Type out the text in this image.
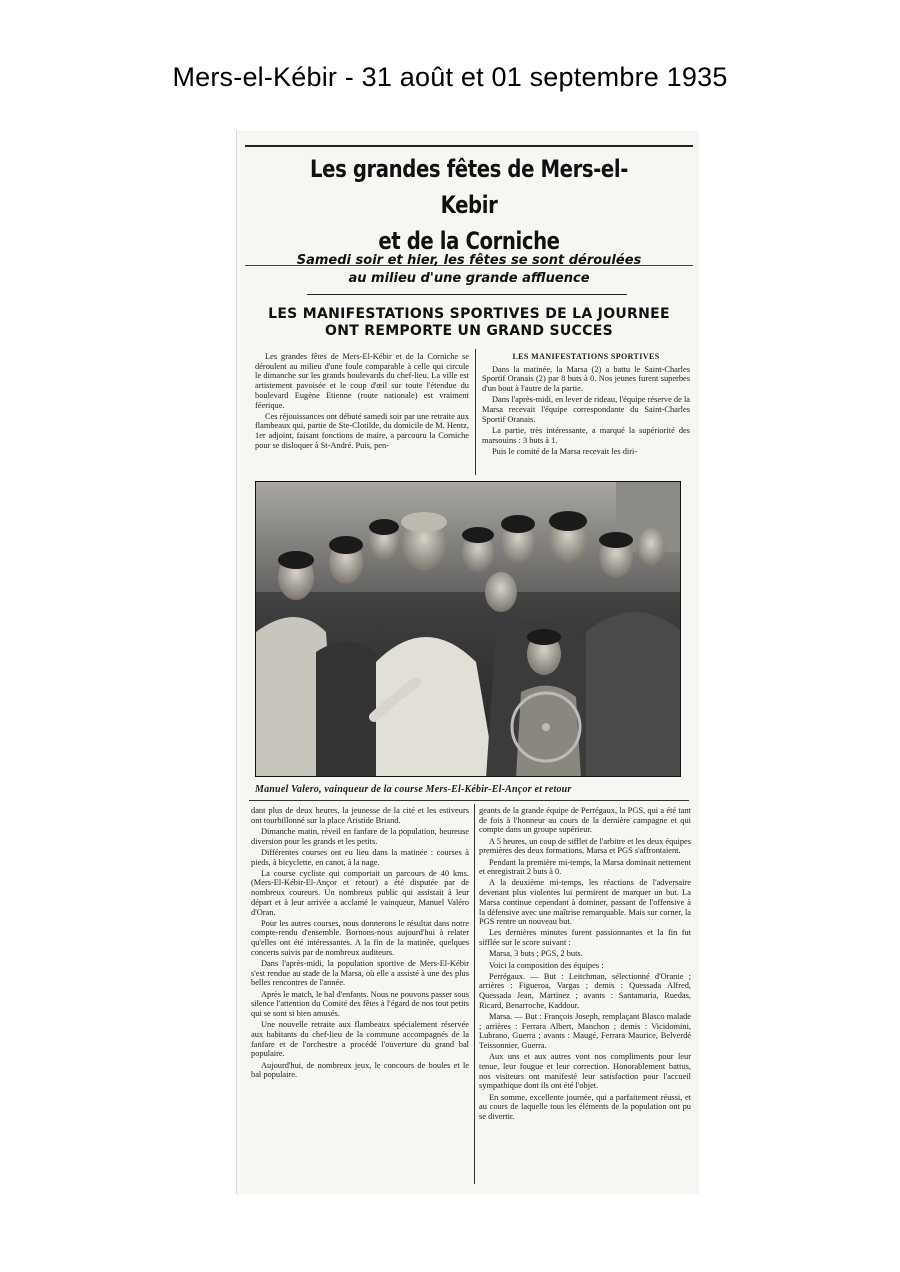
Mers-el-Kébir - 31 août et 01 septembre 1935
Les grandes fêtes de Mers-el-Kebir
et de la Corniche
Samedi soir et hier, les fêtes se sont déroulées
au milieu d'une grande affluence
LES MANIFESTATIONS SPORTIVES DE LA JOURNEE
ONT REMPORTE UN GRAND SUCCES

Les grandes fêtes de Mers-El-Kébir et de la Corniche se déroulent au milieu d'une foule comparable à celle qui circule le dimanche sur les grands boulevards du chef-lieu. La ville est artistement pavoisée et le coup d'œil sur toute l'étendue du boulevard Eugène Etienne (route nationale) est vraiment féerique.

Ces réjouissances ont débuté samedi soir par une retraite aux flambeaux qui, partie de Ste-Clotilde, du domicile de M. Hentz, 1er adjoint, faisant fonctions de maire, a parcouru la Corniche pour se disloquer à St-André. Puis, pen-

LES MANIFESTATIONS SPORTIVES

Dans la matinée, la Marsa (2) a battu le Saint-Charles Sportif Oranais (2) par 8 buts à 0. Nos jeunes furent superbes d'un bout à l'autre de la partie.

Dans l'après-midi, en lever de rideau, l'équipe réserve de la Marsa recevait l'équipe correspondante du Saint-Charles Sportif Oranais.

La partie, très intéressante, a marqué la supériorité des marsouins : 3 buts à 1.

Puis le comité de la Marsa recevait les diri-

Manuel Valero, vainqueur de la course Mers-El-Kébir-El-Ançor et retour

dant plus de deux heures, la jeunesse de la cité et les estiveurs ont tourbillonné sur la place Aristide Briand.

Dimanche matin, réveil en fanfare de la population, heureuse diversion pour les grands et les petits.

Différentes courses ont eu lieu dans la matinée : courses à pieds, à bicyclette, en canot, à la nage.

La course cycliste qui comportait un parcours de 40 kms. (Mers-El-Kébir-El-Ançor et retour) a été disputée par de nombreux coureurs. Un nombreux public qui assistait à leur départ et à leur arrivée a acclamé le vainqueur, Manuel Valéro d'Oran.

Pour les autres courses, nous donnerons le résultat dans notre compte-rendu d'ensemble. Bornons-nous aujourd'hui à relater qu'elles ont été intéressantes. A la fin de la matinée, quelques concerts suivis par de nombreux auditeurs.

Dans l'après-midi, la population sportive de Mers-El-Kébir s'est rendue au stade de la Marsa, où elle a assisté à une des plus belles rencontres de l'année.

Après le match, le bal d'enfants. Nous ne pouvons passer sous silence l'attention du Comité des fêtes à l'égard de nos tout petits qui se sont si bien amusés.

Une nouvelle retraite aux flambeaux spécialement réservée aux habitants du chef-lieu de la commune accompagnés de la fanfare et de l'orchestre a procédé l'ouverture du grand bal populaire.

Aujourd'hui, de nombreux jeux, le concours de boules et le bal populaire.

geants de la grande équipe de Perrégaux, la PGS, qui a été tant de fois à l'honneur au cours de la dernière campagne et qui compte dans un groupe supérieur.

A 5 heures, un coup de sifflet de l'arbitre et les deux équipes premières des deux formations, Marsa et PGS s'affrontaient.

Pendant la première mi-temps, la Marsa dominait nettement et enregistrait 2 buts à 0.

A la deuxième mi-temps, les réactions de l'adversaire devenant plus violentes lui permirent de marquer un but. La Marsa continue cependant à dominer, passant de l'offensive à la défensive avec une maîtrise remarquable. Mais sur corner, la PGS rentre un nouveau but.

Les dernières minutes furent passionnantes et la fin fut sifflée sur le score suivant :

Marsa, 3 buts ; PGS, 2 buts.

Voici la composition des équipes :

Perrégaux. — But : Leitchman, sélectionné d'Oranie ; arrières : Figueroa, Vargas ; demis : Quessada Alfred, Quessada Jean, Martinez ; avants : Santamaria, Ruedas, Ricard, Benarroche, Kaddour.

Marsa. — But : François Joseph, remplaçant Blasco malade ; arrières : Ferrara Albert, Manchon ; demis : Vicidomini, Lubrano, Guerra ; avants : Maugé, Ferrara Maurice, Belverdé Teissonnier, Guerra.

Aux uns et aux autres vont nos compliments pour leur tenue, leur fougue et leur correction. Honorablement battus, nos visiteurs ont manifesté leur satisfaction pour l'accueil sympathique dont ils ont été l'objet.

En somme, excellente journée, qui a parfaitement réussi, et au cours de laquelle tous les éléments de la population ont pu se divertir.
